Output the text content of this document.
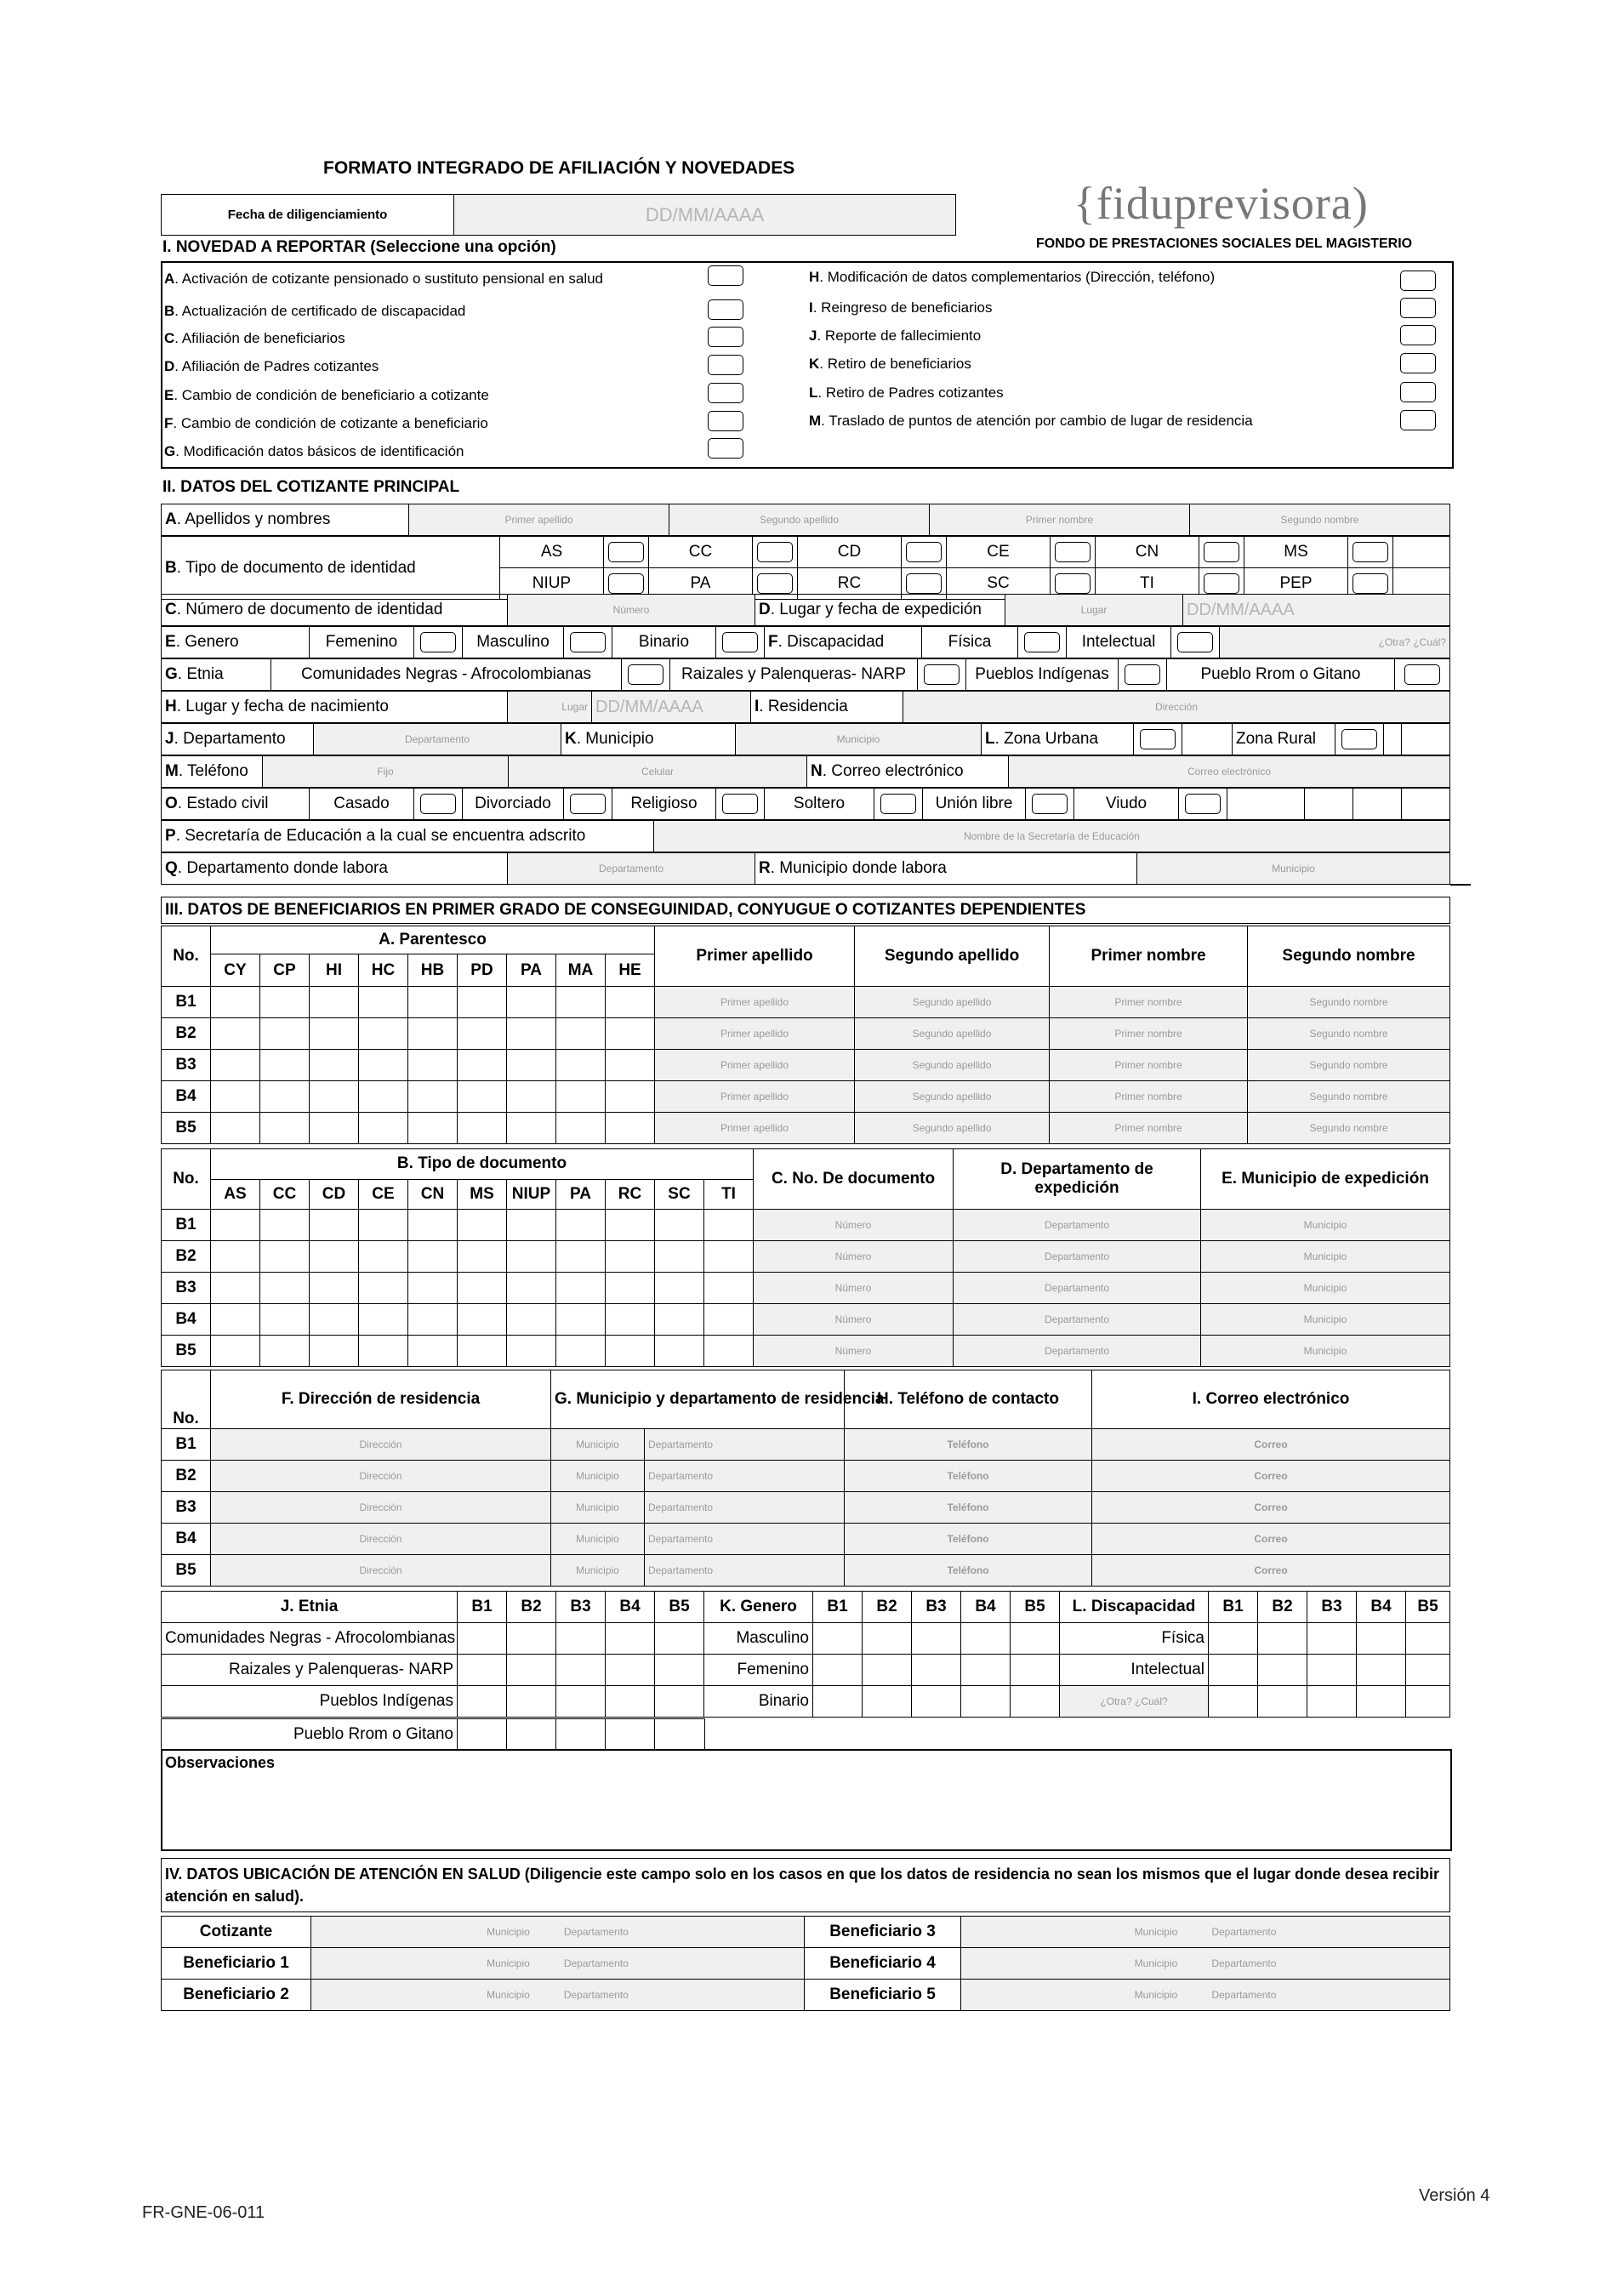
FORMATO INTEGRADO DE AFILIACIÓN Y NOVEDADES
{fiduprevisora)
FONDO DE PRESTACIONES SOCIALES DEL MAGISTERIO
Fecha de diligenciamiento	DD/MM/AAAA
I. NOVEDAD A REPORTAR (Seleccione una opción)
A. Activación de cotizante pensionado o sustituto pensional en salud
B. Actualización de certificado de discapacidad
C. Afiliación de beneficiarios
D. Afiliación de Padres cotizantes
E. Cambio de condición de beneficiario a cotizante
F. Cambio de condición de cotizante a beneficiario
G. Modificación datos básicos de identificación
H. Modificación de datos complementarios (Dirección, teléfono)
I. Reingreso de beneficiarios
J. Reporte de fallecimiento
K. Retiro de beneficiarios
L. Retiro de Padres cotizantes
M. Traslado de puntos de atención por cambio de lugar de residencia
II. DATOS DEL COTIZANTE PRINCIPAL
A. Apellidos y nombres	Primer apellido	Segundo apellido	Primer nombre	Segundo nombre
B. Tipo de documento de identidad	AS		CC		CD		CE		CN		MS		
	NIUP		PA		RC		SC		TI		PEP		
C. Número de documento de identidad	Número	D. Lugar y fecha de expedición	Lugar	DD/MM/AAAA
E. Genero	Femenino		Masculino		Binario		F. Discapacidad	Física		Intelectual		¿Otra? ¿Cuál?
G. Etnia	Comunidades Negras - Afrocolombianas		Raizales y Palenqueras- NARP		Pueblos Indígenas		Pueblo Rrom o Gitano	
H. Lugar y fecha de nacimiento	Lugar	DD/MM/AAAA	I. Residencia	Dirección
J. Departamento	Departamento	K. Municipio	Municipio	L. Zona Urbana			Zona Rural			
M. Teléfono	Fijo	Celular	N. Correo electrónico	Correo electrónico
O. Estado civil	Casado		Divorciado		Religioso		Soltero		Unión libre		Viudo					
P. Secretaría de Educación a la cual se encuentra adscrito	Nombre de la Secretaría de Educación
Q. Departamento donde labora	Departamento	R. Municipio donde labora	Municipio
III. DATOS DE BENEFICIARIOS EN PRIMER GRADO DE CONSEGUINIDAD, CONYUGUE O COTIZANTES DEPENDIENTES
No.	A. Parentesco									Primer apellido	Segundo apellido	Primer nombre	Segundo nombre
	CY	CP	HI	HC	HB	PD	PA	MA	HE				
B1										Primer apellido	Segundo apellido	Primer nombre	Segundo nombre
B2										Primer apellido	Segundo apellido	Primer nombre	Segundo nombre
B3										Primer apellido	Segundo apellido	Primer nombre	Segundo nombre
B4										Primer apellido	Segundo apellido	Primer nombre	Segundo nombre
B5										Primer apellido	Segundo apellido	Primer nombre	Segundo nombre
No.	B. Tipo de documento											C. No. De documento	D. Departamento de expedición	E. Municipio de expedición
	AS	CC	CD	CE	CN	MS	NIUP	PA	RC	SC	TI			
B1												Número	Departamento	Municipio
B2												Número	Departamento	Municipio
B3												Número	Departamento	Municipio
B4												Número	Departamento	Municipio
B5												Número	Departamento	Municipio
No.	F. Dirección de residencia	G. Municipio y departamento de residencia		H. Teléfono de contacto	I. Correo electrónico
B1	Dirección	Municipio	Departamento	Teléfono	Correo
B2	Dirección	Municipio	Departamento	Teléfono	Correo
B3	Dirección	Municipio	Departamento	Teléfono	Correo
B4	Dirección	Municipio	Departamento	Teléfono	Correo
B5	Dirección	Municipio	Departamento	Teléfono	Correo
J. Etnia	B1	B2	B3	B4	B5	K. Genero	B1	B2	B3	B4	B5	L. Discapacidad	B1	B2	B3	B4	B5
Comunidades Negras - Afrocolombianas						Masculino						Física					
Raizales y Palenqueras- NARP						Femenino						Intelectual					
Pueblos Indígenas						Binario						¿Otra? ¿Cuál?					
Pueblo Rrom o Gitano					
Observaciones
IV. DATOS UBICACIÓN DE ATENCIÓN EN SALUD (Diligencie este campo solo en los casos en que los datos de residencia no sean los mismos que el lugar donde desea recibir atención en salud).
Cotizante	Municipio Departamento	Beneficiario 3	Municipio Departamento
Beneficiario 1	Municipio Departamento	Beneficiario 4	Municipio Departamento
Beneficiario 2	Municipio Departamento	Beneficiario 5	Municipio Departamento
Versión 4
FR-GNE-06-011
